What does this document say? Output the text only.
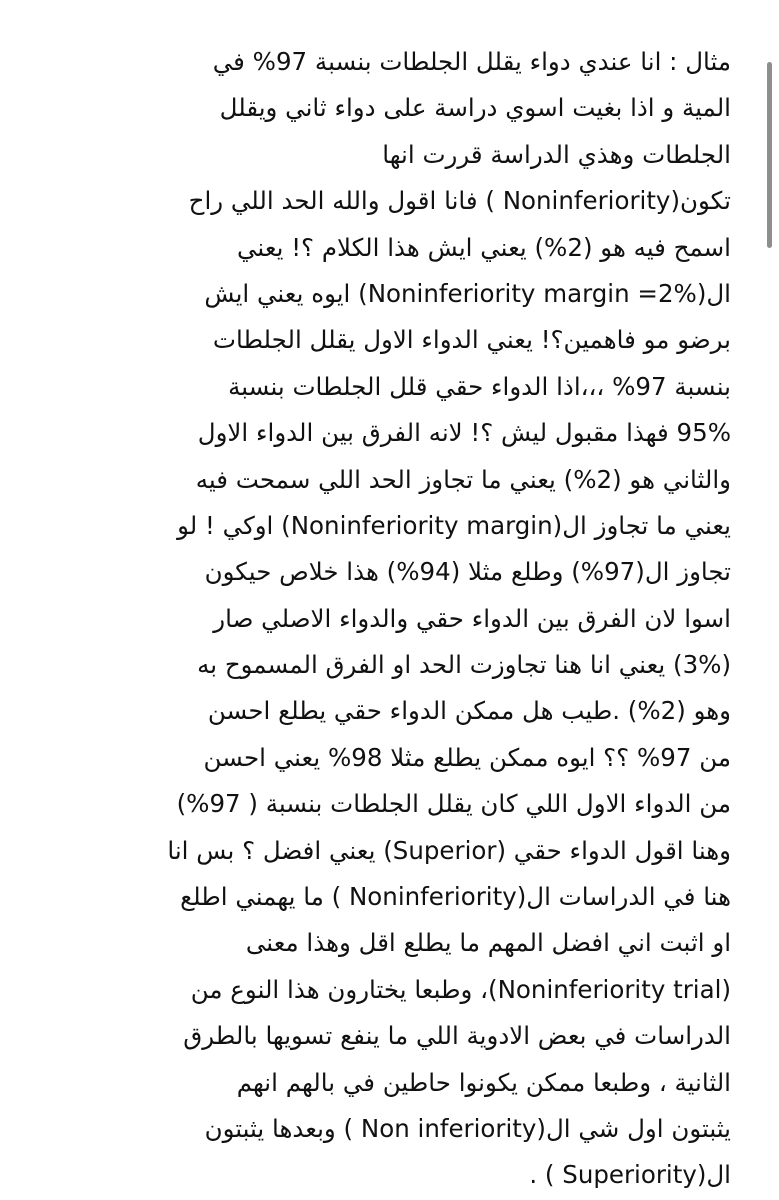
مثال : انا عندي دواء يقلل الجلطات بنسبة 97% في
المية و اذا بغيت اسوي دراسة على دواء ثاني ويقلل
الجلطات وهذي الدراسة قررت انها
تكون(Noninferiority ) فانا اقول والله الحد اللي راح
اسمح فيه هو (2%) يعني ايش هذا الكلام ؟! يعني
ال(Noninferiority margin =2%) ايوه يعني ايش
برضو مو فاهمين؟! يعني الدواء الاول يقلل الجلطات
بنسبة 97% ،،،اذا الدواء حقي قلل الجلطات بنسبة
95% فهذا مقبول ليش ؟! لانه الفرق بين الدواء الاول
والثاني هو (2%) يعني ما تجاوز الحد اللي سمحت فيه
يعني ما تجاوز ال(Noninferiority margin) اوكي ! لو
تجاوز ال(97%) وطلع مثلا (94%) هذا خلاص حيكون
اسوا لان الفرق بين الدواء حقي والدواء الاصلي صار
(3%) يعني انا هنا تجاوزت الحد او الفرق المسموح به
وهو (2%) .طيب هل ممكن الدواء حقي يطلع احسن
من 97% ؟؟ ايوه ممكن يطلع مثلا 98% يعني احسن
من الدواء الاول اللي كان يقلل الجلطات بنسبة ( 97%)
وهنا اقول الدواء حقي (Superior) يعني افضل ؟ بس انا
هنا في الدراسات ال(Noninferiority ) ما يهمني اطلع
او اثبت اني افضل المهم ما يطلع اقل وهذا معنى
(Noninferiority trial)، وطبعا يختارون هذا النوع من
الدراسات في بعض الادوية اللي ما ينفع تسويها بالطرق
الثانية ، وطبعا ممكن يكونوا حاطين في بالهم انهم
يثبتون اول شي ال(Non inferiority ) وبعدها يثبتون
ال(Superiority ) .
